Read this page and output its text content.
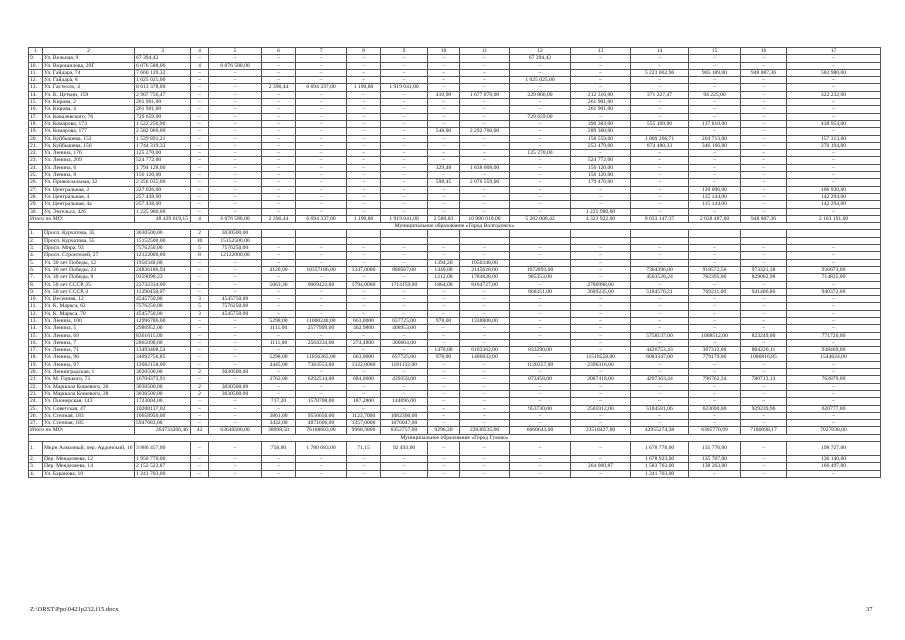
1	2	3	4	5	6	7	8	9	10	11	12	13	14	15	16	17
9.	Ул. Вольная, 9	67 394,42	–	–	–	–	–	–	–	–	67 394,42	–	–	–	–	–
10.	Ул. Ворошилова, 39Г	6 076 588,00	4	6 076 588,00	–	–	–	–	–	–	–	–	–	–	–	–
11.	Ул. Гайдара, 74	7 660 139,32	–	–	–	–	–	–	–	–	–	–	5 223 062,96	905 189,00	948 887,36	582 980,00
12.	Ул. Гайдара, 8	1 025 025,00	–	–	–	–	–	–	–	–	1 025 025,00	–	–	–	–	–
13.	Ул. Гастелло, 4	8 613 378,00	–	–	2 396,44	6 694 337,00	1 190,80	1 919 041,00	–	–	–	–	–	–	–	–
14.	Ул. К. Цеткин, 159	2 907 756,47	–	–	–	–	–	–	410,90	1 677 870,00	229 866,00	212 316,00	371 227,47	94 225,00	–	322 232,00
15.	Ул. Кирова, 2	261 901,00	–	–	–	–	–	–	–	–	–	261 901,00	–	–	–	–
16.	Ул. Кирова, 4	261 901,00	–	–	–	–	–	–	–	–	–	261 901,00	–	–	–	–
17.	Ул. Ковалевского, 76	729 659,00	–	–	–	–	–	–	–	–	729 659,00	–	–	–	–	–
18.	Ул. Комарова, 173	1 522 256,90	–	–	–	–	–	–	–	–	–	390 383,00	555 109,90	137 810,00	–	438 954,00
19.	Ул. Комарова, 177	2 582 060,00	–	–	–	–	–	–	548,00	2 292 700,00	–	289 360,00	–	–	–	–
20.	Ул. Куйбышева, 152	1 529 891,21	–	–	–	–	–	–	–	–	–	158 559,00	1 009 266,71	204 713,00	–	157 313,00
21.	Ул. Куйбышева, 156	1 744 319,33	–	–	–	–	–	–	–	–	–	253 479,00	874 480,33	346 166,00	–	270 194,00
22.	Ул. Ленина, 176	125 270,00	–	–	–	–	–	–	–	–	125 270,00	–	–	–	–	–
23.	Ул. Ленина, 209	524 772,00	–	–	–	–	–	–	–	–	–	524 772,00	–	–	–	–
24.	Ул. Ленина, 6	1 794 128,00	–	–	–	–	–	–	329,48	1 638 008,00	–	156 120,00	–	–	–	–
25.	Ул. Ленина, 8	156 120,00	–	–	–	–	–	–	–	–	–	156 120,00	–	–	–	–
26.	Ул. Привокзальная, 32	2 256 035,00	–	–	–	–	–	–	598,45	2 076 559,00	–	179 476,00	–	–	–	–
27.	Ул. Центральная, 2	227 026,00	–	–	–	–	–	–	–	–	–	–	–	120 096,00	–	106 930,00
28.	Ул. Центральная, 4	257 438,00	–	–	–	–	–	–	–	–	–	–	–	115 144,00	–	142 294,00
29.	Ул. Центральная, 4а	257 438,00	–	–	–	–	–	–	–	–	–	–	–	115 144,00	–	142 294,00
30.	Ул. Энгельса, 426	1 225 980,00	–	–	–	–	–	–	–	–	–	1 225 980,00	–	–	–	–
Итого по МО:		48 439 619,15	4	6 076 588,00	2 396,44	6 694 337,00	1 190,80	1 919 041,00	2 580,83	10 980 010,00	5 282 008,42	4 323 922,00	8 033 147,37	2 038 487,00	948 887,36	2 163 191,00
Муниципальное образование «Город Волгодонск»																
1.	Просп. Курчатова, 35	3030500,00	2	3030500,00												
2.	Просп. Курчатова, 55	15152500,00	10	15152500,00												
3.	Просп. Мира, 93	7576250,00	5	7576250,00	–	–	–	–	–	–	–	–	–	–	–	–
4.	Просп. Строителей, 27	12122000,00	8	12122000,00	–	–	–	–	–	–	–	–	–	–	–	–
5.	Ул. 30 лет Победы, 12	1950348,00	–	–	–	–	–	–	1394,20	1950348,00	–	–	–	–	–	–
6.	Ул. 30 лет Победы, 23	24836186,94	–	–	4120,00	10357186,00	1347,0000	880567,00	1440,00	2145628,00	1072893,00	–	7364396,00	918572,56	973321,38	936673,00
7.	Ул. 30 лет Победы, 9	9359098,23	–	–	–	–	–	–	1212,00	1784828,00	985353,00	–	4563528,24	782395,00	829062,98	714835,00
8.	Ул. 50 лет СССР, 25	23732334,00	–	–	5063,30	9069422,00	1794,0000	1714159,00	1864,00	8164727,00	–	2786988,00	–	–	–	–
9.	Ул. 50 лет СССР, 3	11390458,07	–	–	–	–	–	–	–	–	868351,00	2689235,00	5184576,21	769211,00	941406,86	940372,00
10.	Ул. Весенняя, 12	4545750,00	3	4545750,00	–	–	–	–	–	–	–	–	–	–	–	–
11.	Ул. К. Маркса, 62	7576250,00	5	7576250,00	–	–	–	–	–	–	–	–	–	–	–	–
12.	Ул. К. Маркса, 70	4545750,00	3	4545750,00	–	–	–	–	–	–	–	–	–	–	–	–
13.	Ул. Ленина, 100	12996786,00	–	–	5298,00	11000248,00	663,0000	657725,00	978,00	1338808,00	–	–	–	–	–	–
14.	Ул. Ленина, 5	2986952,00	–	–	1111,00	2577999,00	302,9800	408953,00	–	–	–	–	–	–	–	–
15.	Ул. Ленина, 69	8361615,00	–	–	–	–	–	–	–	–	–	–	5758137,00	1008512,00	823249,00	771726,00
16.	Ул. Ленина, 7	2865098,00	–	–	1111,00	2564334,00	274,4800	300664,00	–	–	–	–	–	–	–	–
17.	Ул. Ленина, 71	13493408,54	–	–	–	–	–	–	1470,00	6103362,00	833290,00	–	4426753,43	387312,00	804220,11	938469,00
18.	Ул. Ленина, 96	34092756,85	–	–	5298,00	11056365,00	663,0000	657725,00	978,00	1406833,00	–	11518558,00	6083347,00	779179,00	1086816,85	1544624,00
19.	Ул. Ленина, 97	12082158,00	–	–	4445,00	7383553,00	1322,0000	1181132,00	–	–	1120357,00	2396316,00	–	–	–	–
20.	Ул. Ленинградская, 1	3030500,00	2	3030500,00	–	–	–	–	–	–	–	–	–	–	–	–
21.	Ул. М. Горького, 73	16704373,91	–	–	3762,00	6292514,00	684,0000	439358,00	–	–	873458,00	2087418,00	4297363,44	796762,34	780713,13	762879,00
22.	Ул. Маршала Кошевого, 26	3030500,00	2	3030500,00	–	–	–	–	–	–	–	–	–	–	–	–
23.	Ул. Маршала Кошевого, 28	3030500,00	2	3030500,00	–	–	–	–	–	–	–	–	–	–	–	–
24.	Ул. Пионерская, 143	1723004,00	–	–	717,20	1578708,00	187,2800	144096,00	–	–	–	–	–	–	–	–
25.	Ул. Советская, 47	10288137,02	–	–	–	–	–	–	–	–	953730,00	2585912,00	5184581,06	623690,00	929239,96	620777,00
26.	Ул. Степная, 183	10658956,00	–	–	3861,00	9556650,00	1123,7000	1082306,00	–	–	–	–	–	–	–	–
27.	Ул. Степная, 185	5947683,00	–	–	3432,00	4871606,00	1357,0000	1076047,00	–	–	–	–	–	–	–	–
Итого по МО:		264733266,46	42	63640500,00	38098,50	76188603,00	9968,3800	8352757,00	9296,20	22838535,00	6660643,00	23518427,00	42955274,38	6305770,99	7180098,17	7027038,00
Муниципальное образование «Город Гуково»																
1.	Мкрн Алмазный, пер. Ардонский, 16	3 886 457,00	–	–	758,80	1 780 683,00	71,15	92 493,00	–	–	–	–	1 678 778,00	135 776,00	–	198 727,00
2.	Пер. Менделеева, 12	1 950 770,00	–	–	–	–	–	–	–	–	–	–	1 678 923,00	135 707,00	–	136 140,00
3.	Пер. Менделеева, 14	2 152 523,87	–	–	–	–	–	–	–	–	–	264 000,87	1 583 763,00	138 263,00	–	166 497,00
4.	Ул. Баранова, 10	1 241 703,00	–	–	–	–	–	–	–	–	–	–	1 241 703,00	–	–	–
Z:\ORST\Ppo\0421p232.f15.docx	37
